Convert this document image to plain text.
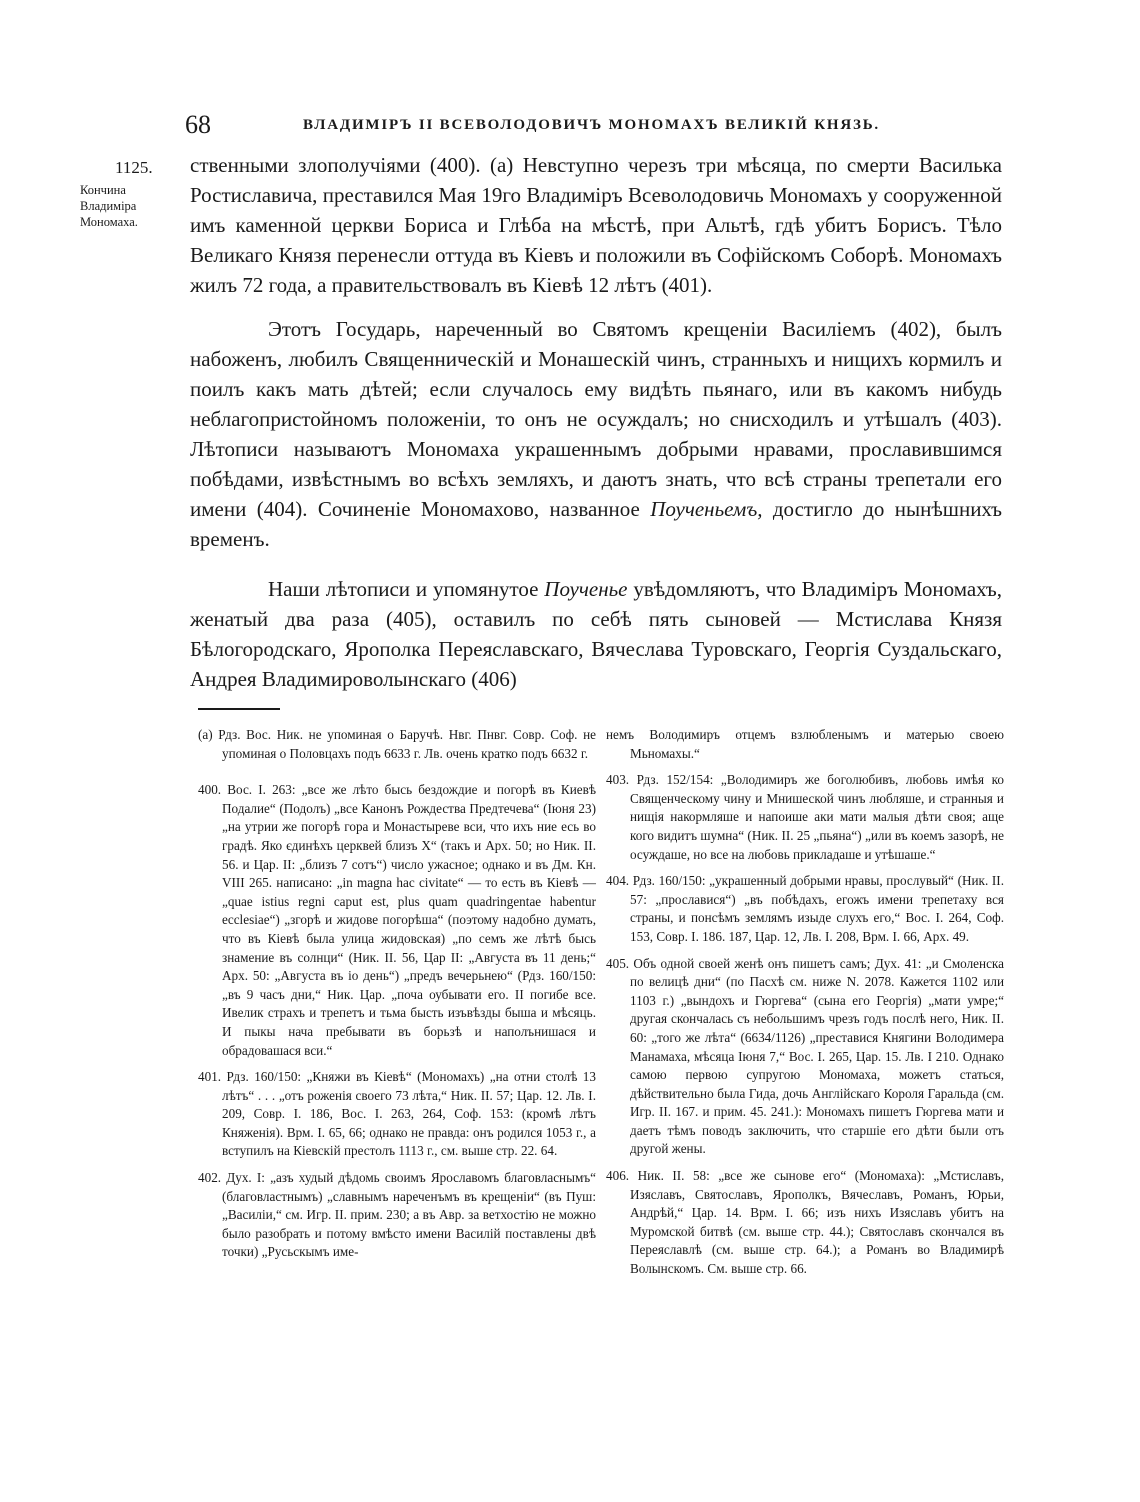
68	ВЛАДИМІРЪ II ВСЕВОЛОДОВИЧЪ МОНОМАХЪ ВЕЛИКІЙ КНЯЗЬ.
1125.
Кончина Владиміра Мономаха.

ственными злополучіями (400). (а) Невступно черезъ три мѣсяца, по смерти Василька Ростиславича, преставился Мая 19го Владиміръ Всеволодовичь Мономахъ у сооруженной имъ каменной церкви Бориса и Глѣба на мѣстѣ, при Альтѣ, гдѣ убитъ Борисъ. Тѣло Великаго Князя перенесли оттуда въ Кіевъ и положили въ Софійскомъ Соборѣ. Мономахъ жилъ 72 года, а правительствовалъ въ Кіевѣ 12 лѣтъ (401).

Этотъ Государь, нареченный во Святомъ крещеніи Василіемъ (402), былъ набоженъ, любилъ Священническій и Монашескій чинъ, странныхъ и нищихъ кормилъ и поилъ какъ мать дѣтей; если случалось ему видѣть пьянаго, или въ какомъ нибудь неблагопристойномъ положеніи, то онъ не осуждалъ; но снисходилъ и утѣшалъ (403). Лѣтописи называютъ Мономаха украшеннымъ добрыми нравами, прославившимся побѣдами, извѣстнымъ во всѣхъ земляхъ, и даютъ знать, что всѣ страны трепетали его имени (404). Сочиненіе Мономахово, названное Поученьемъ, достигло до нынѣшнихъ временъ.

Наши лѣтописи и упомянутое Поученье увѣдомляютъ, что Владиміръ Мономахъ, женатый два раза (405), оставилъ по себѣ пять сыновей — Мстислава Князя Бѣлогородскаго, Ярополка Переяславскаго, Вячеслава Туровскаго, Георгія Суздальскаго, Андрея Владимироволынскаго (406)

(а) Рдз. Вос. Ник. не упоминая о Баручѣ. Нвг. Пнвг. Совр. Соф. не упоминая о Половцахъ подъ 6633 г. Лв. очень кратко подъ 6632 г.

400. Вос. I. 263: „все же лѣто бысь бездождие и погорѣ въ Киевѣ Подалие“ (Подолъ) „все Канонъ Рождества Предтечева“ (Іюня 23) „на утрии же погорѣ гора и Монастыреве вси, что ихъ ние есь во градѣ. Яко єдинѣхъ церквей близъ Х“ (такъ и Арх. 50; но Ник. II. 56. и Цар. II: „близъ 7 сотъ“) число ужасное; однако и въ Дм. Кн. VIII 265. написано: „in magna hac civitate“ — то есть въ Кіевѣ — „quae istius regni caput est, plus quam quadringentae habentur ecclesiae“) „згорѣ и жидове погорѣша“ (поэтому надобно думать, что въ Кіевѣ была улица жидовская) „по семъ же лѣтѣ бысь знамение въ солнци“ (Ник. II. 56, Цар II: „Августа въ 11 день;“ Арх. 50: „Августа въ іо день“) „предъ вечерьнею“ (Рдз. 160/150: „въ 9 часъ дни,“ Ник. Цар. „поча оубывати его. II погибе все. Ивелик страхъ и трепетъ и тьма бысть изъвѣзды быша и мѣсяць. И пыкы нача пребывати въ борьзѣ и наполънишася и обрадовашася вси.“

401. Рдз. 160/150: „Княжи въ Кіевѣ“ (Мономахъ) „на отни столѣ 13 лѣтъ“ . . . „отъ роженія своего 73 лѣта,“ Ник. II. 57; Цар. 12. Лв. I. 209, Совр. I. 186, Вос. I. 263, 264, Соф. 153: (кромѣ лѣтъ Княженія). Врм. I. 65, 66; однако не правда: онъ родился 1053 г., а вступилъ на Кіевскій престолъ 1113 г., см. выше стр. 22. 64.

402. Дух. I: „азъ худый дѣдомь своимъ Ярославомъ благовласнымъ“ (благовластнымъ) „славнымъ нареченъмъ въ крещеніи“ (въ Пуш: „Василіи,“ см. Игр. II. прим. 230; а въ Авр. за ветхостію не можно было разобрать и потому вмѣсто имени Василій поставлены двѣ точки) „Русьскымъ име-

немъ Володимиръ отцемъ взлюбленымъ и матерью своею Мьномахы.“

403. Рдз. 152/154: „Володимиръ же боголюбивъ, любовь имѣя ко Священческому чину и Мнишеской чинъ любляше, и странныя и нищія накормляше и напоише аки мати малыя дѣти своя; аще кого видитъ шумна“ (Ник. II. 25 „пьяна“) „или въ коемъ зазорѣ, не осуждаше, но все на любовь прикладаше и утѣшаше.“

404. Рдз. 160/150: „украшенный добрыми нравы, прослувый“ (Ник. II. 57: „прославися“) „въ побѣдахъ, егожъ имени трепетаху вся страны, и понсѣмъ землямъ изыде слухъ его,“ Вос. I. 264, Соф. 153, Совр. I. 186. 187, Цар. 12, Лв. I. 208, Врм. I. 66, Арх. 49.

405. Объ одной своей женѣ онъ пишетъ самъ; Дух. 41: „и Смоленска по велицѣ дни“ (по Пасхѣ см. ниже N. 2078. Кажется 1102 или 1103 г.) „вындохъ и Гюргева“ (сына его Георгія) „мати умре;“ другая скончалась съ небольшимъ чрезъ годъ послѣ него, Ник. II. 60: „того же лѣта“ (6634/1126) „преставися Княгини Володимера Манамаха, мѣсяца Іюня 7,“ Вос. I. 265, Цар. 15. Лв. I 210. Однако самою первою супругою Мономаха, можетъ статься, дѣйствительно была Гида, дочь Англійскаго Короля Гаральда (см. Игр. II. 167. и прим. 45. 241.): Мономахъ пишетъ Гюргева мати и даетъ тѣмъ поводъ заключить, что старшіе его дѣти были отъ другой жены.

406. Ник. II. 58: „все же сынове его“ (Мономаха): „Мстиславъ, Изяславъ, Святославъ, Ярополкъ, Вячеславъ, Романъ, Юрьи, Андрѣй,“ Цар. 14. Врм. I. 66; изъ нихъ Изяславъ убитъ на Муромской битвѣ (см. выше стр. 44.); Святославъ скончался въ Переяславлѣ (см. выше стр. 64.); а Романъ во Владимирѣ Волынскомъ. См. выше стр. 66.
